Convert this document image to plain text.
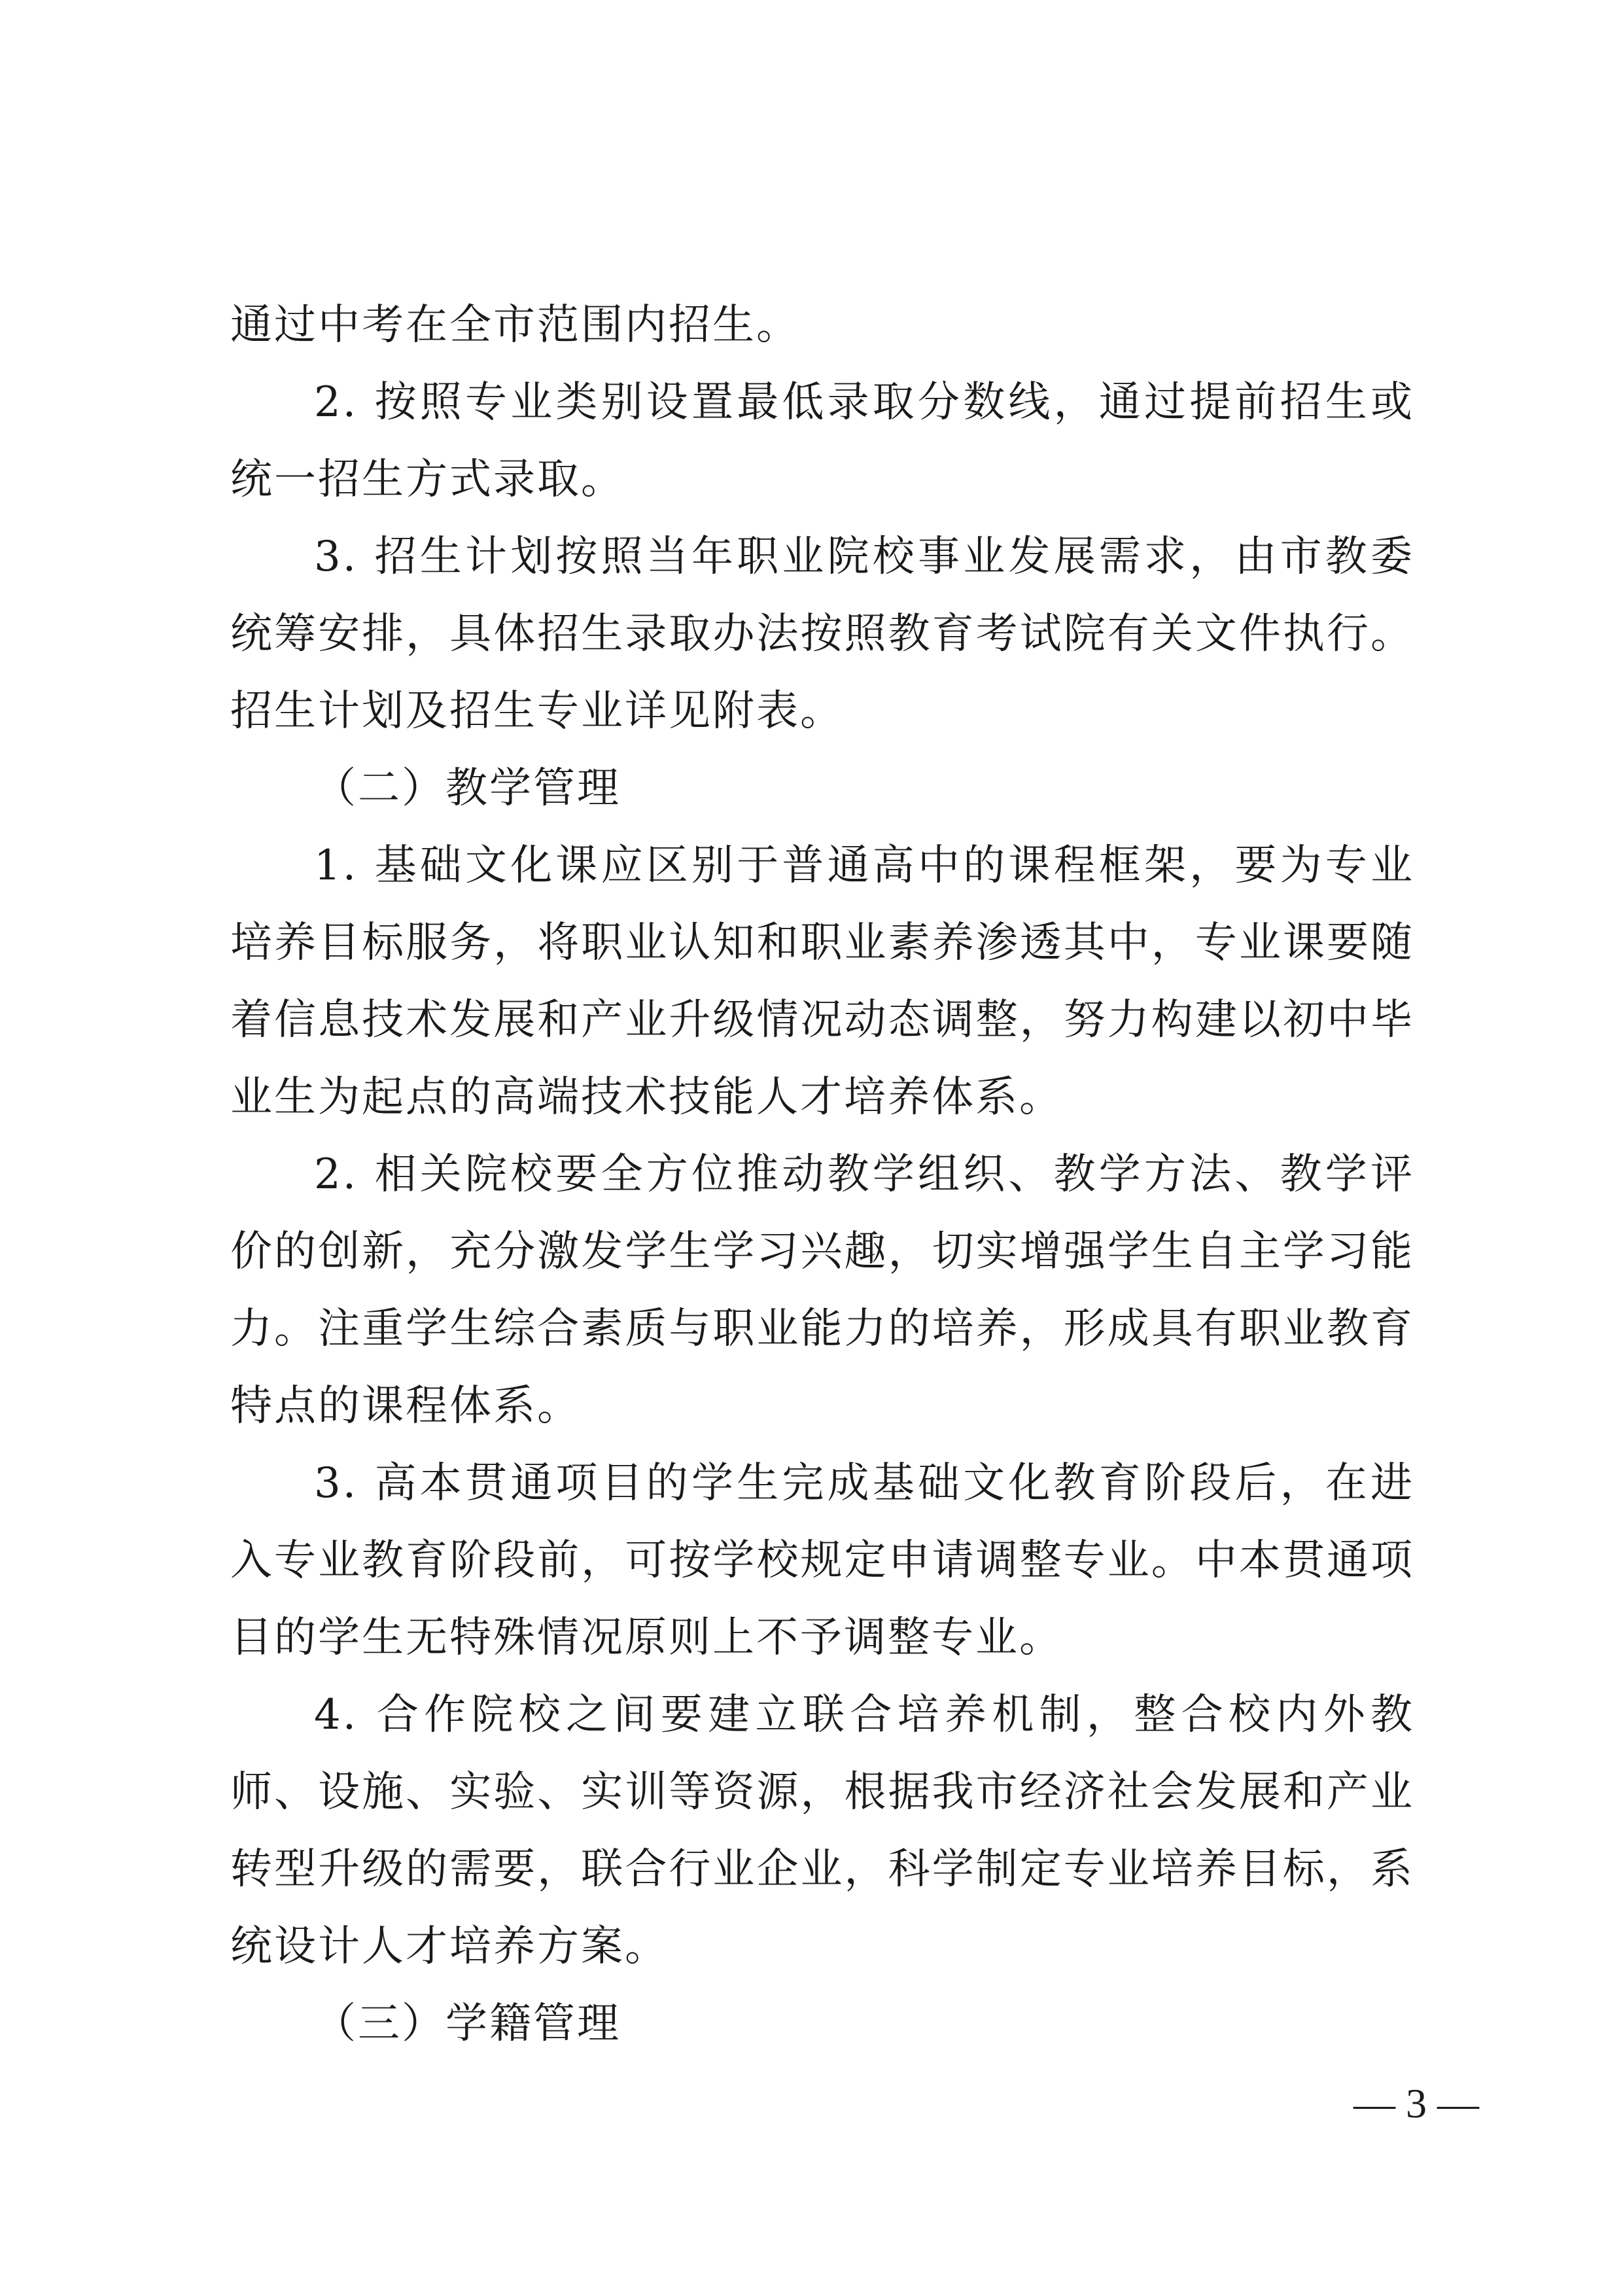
通过中考在全市范围内招生。

2. 按照专业类别设置最低录取分数线，通过提前招生或统一招生方式录取。

3. 招生计划按照当年职业院校事业发展需求，由市教委统筹安排，具体招生录取办法按照教育考试院有关文件执行。招生计划及招生专业详见附表。

（二）教学管理

1. 基础文化课应区别于普通高中的课程框架，要为专业培养目标服务，将职业认知和职业素养渗透其中，专业课要随着信息技术发展和产业升级情况动态调整，努力构建以初中毕业生为起点的高端技术技能人才培养体系。

2. 相关院校要全方位推动教学组织、教学方法、教学评价的创新，充分激发学生学习兴趣，切实增强学生自主学习能力。注重学生综合素质与职业能力的培养，形成具有职业教育特点的课程体系。

3. 高本贯通项目的学生完成基础文化教育阶段后，在进入专业教育阶段前，可按学校规定申请调整专业。中本贯通项目的学生无特殊情况原则上不予调整专业。

4. 合作院校之间要建立联合培养机制，整合校内外教师、设施、实验、实训等资源，根据我市经济社会发展和产业转型升级的需要，联合行业企业，科学制定专业培养目标，系统设计人才培养方案。

（三）学籍管理

— 3 —
